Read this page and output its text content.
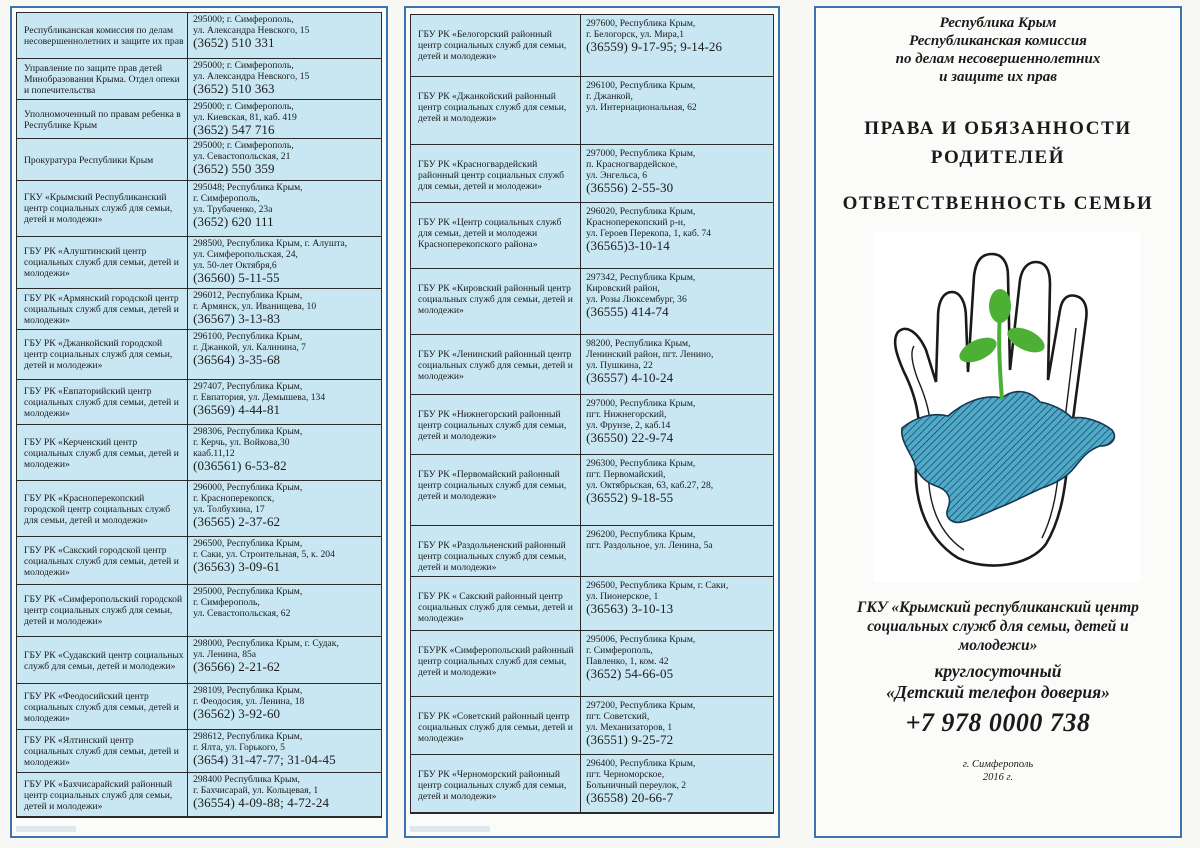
Республиканская комиссия по делам несовершеннолетних и защите их прав
295000; г. Симферополь,
ул. Александра Невского, 15
(3652) 510 331
Управление по защите прав детей Минобразования Крыма. Отдел опеки и попечительства
295000; г. Симферополь,
ул. Александра Невского, 15
(3652) 510 363
Уполномоченный по правам ребенка в Республике Крым
295000; г. Симферополь,
ул. Киевская, 81, каб. 419
(3652) 547 716
Прокуратура Республики Крым
295000; г. Симферополь,
ул. Севастопольская, 21
(3652) 550 359
ГКУ «Крымский Республиканский центр социальных служб для семьи, детей и молодежи»
295048; Республика Крым,
г. Симферополь,
ул. Трубаченко, 23а
(3652) 620 111
ГБУ РК «Алуштинский центр социальных служб для семьи, детей и молодежи»
298500, Республика Крым, г. Алушта,
ул. Симферопольская, 24,
ул. 50-лет Октября,6
(36560) 5-11-55
ГБУ РК «Армянский городской центр социальных служб для семьи, детей и молодежи»
296012, Республика Крым,
г. Армянск, ул. Иванищева, 10
(36567) 3-13-83
ГБУ РК «Джанкойский городской центр социальных служб для семьи, детей и молодежи»
296100, Республика Крым,
г. Джанкой, ул. Калинина, 7
(36564) 3-35-68
ГБУ РК «Евпаторийский центр социальных служб для семьи, детей и молодежи»
297407, Республика Крым,
г. Евпатория, ул. Демышева, 134
(36569) 4-44-81
ГБУ РК «Керченский центр социальных служб для семьи, детей и молодежи»
298306, Республика Крым,
г. Керчь, ул. Войкова,30
кааб.11,12
(036561) 6-53-82
ГБУ РК «Красноперекопский городской центр социальных служб для семьи, детей и молодежи»
296000, Республика Крым,
г. Красноперекопск,
ул. Толбухина, 17
(36565) 2-37-62
ГБУ РК «Сакский городской центр социальных служб для семьи, детей и молодежи»
296500, Республика Крым,
г. Саки, ул. Строительная, 5, к. 204
(36563) 3-09-61
ГБУ РК «Симферопольский городской центр социальных служб для семьи, детей и молодежи»
295000, Республика Крым,
г. Симферополь,
ул. Севастопольская, 62
ГБУ РК «Судакский центр социальных служб для семьи, детей и молодежи»
298000, Республика Крым, г. Судак,
ул. Ленина, 85а
(36566) 2-21-62
ГБУ РК «Феодосийский центр социальных служб для семьи, детей и молодежи»
298109, Республика Крым,
г. Феодосия, ул. Ленина, 18
(36562) 3-92-60
ГБУ РК «Ялтинский центр социальных служб для семьи, детей и молодежи»
298612, Республика Крым,
г. Ялта, ул. Горького, 5
(3654) 31-47-77; 31-04-45
ГБУ РК «Бахчисарайский районный центр социальных служб для семьи, детей и молодежи»
298400 Республика Крым,
г. Бахчисарай, ул. Кольцевая, 1
(36554) 4-09-88; 4-72-24
ГБУ РК «Белогорский районный центр социальных служб для семьи, детей и молодежи»
297600, Республика Крым,
г. Белогорск, ул. Мира,1
(36559) 9-17-95; 9-14-26
ГБУ РК «Джанкойский районный центр социальных служб для семьи, детей и молодежи»
296100, Республика Крым,
г. Джанкой,
ул. Интернациональная, 62
ГБУ РК «Красногвардейский районный центр социальных служб для семьи, детей и молодежи»
297000, Республика Крым,
п. Красногвардейское,
ул. Энгельса, 6
(36556) 2-55-30
ГБУ РК «Центр социальных служб для семьи, детей и молодежи Красноперекопского района»
296020, Республика Крым,
Красноперекопский р-н,
ул. Героев Перекопа, 1, каб. 74
(36565)3-10-14
ГБУ РК «Кировский районный центр социальных служб для семьи, детей и молодежи»
297342, Республика Крым,
Кировский район,
ул. Розы Люксембург, 36
(36555) 414-74
ГБУ РК «Ленинский районный центр социальных служб для семьи, детей и молодежи»
98200, Республика Крым,
Ленинский район, пгт. Ленино,
ул. Пушкина, 22
(36557) 4-10-24
ГБУ РК «Нижнегорский районный центр социальных служб для семьи, детей и молодежи»
297000, Республика Крым,
пгт. Нижнегорский,
ул. Фрунзе, 2, каб.14
(36550) 22-9-74
ГБУ РК «Первомайский районный центр социальных служб для семьи, детей и молодежи»
296300, Республика Крым,
пгт. Первомайский,
ул. Октябрьская, 63, каб.27, 28,
(36552) 9-18-55
ГБУ РК «Раздольненский районный центр социальных служб для семьи, детей и молодежи»
296200, Республика Крым,
пгт. Раздольное, ул. Ленина, 5а
ГБУ РК « Сакский районный центр социальных служб для семьи, детей и молодежи»
296500, Республика Крым, г. Саки,
ул. Пионерское, 1
(36563) 3-10-13
ГБУРК «Симферопольский районный центр социальных служб для семьи, детей и молодежи»
295006, Республика Крым,
г. Симферополь,
Павленко, 1, ком. 42
(3652) 54-66-05
ГБУ РК «Советский районный центр социальных служб для семьи, детей и молодежи»
297200, Республика Крым,
пгт. Советский,
ул. Механизаторов, 1
(36551) 9-25-72
ГБУ РК «Черноморский районный центр социальных служб для семьи, детей и молодежи»
296400, Республика Крым,
пгт. Черноморское,
Больничный переулок, 2
(36558) 20-66-7
Республика Крым
Республиканская комиссия
по делам несовершеннолетних
и защите их прав
ПРАВА И ОБЯЗАННОСТИ
РОДИТЕЛЕЙ
ОТВЕТСТВЕННОСТЬ СЕМЬИ
ГКУ «Крымский республиканский центр
социальных служб для семьи, детей и
молодежи»
круглосуточный
«Детский телефон доверия»
+7 978 0000 738
г. Симферополь
2016 г.
